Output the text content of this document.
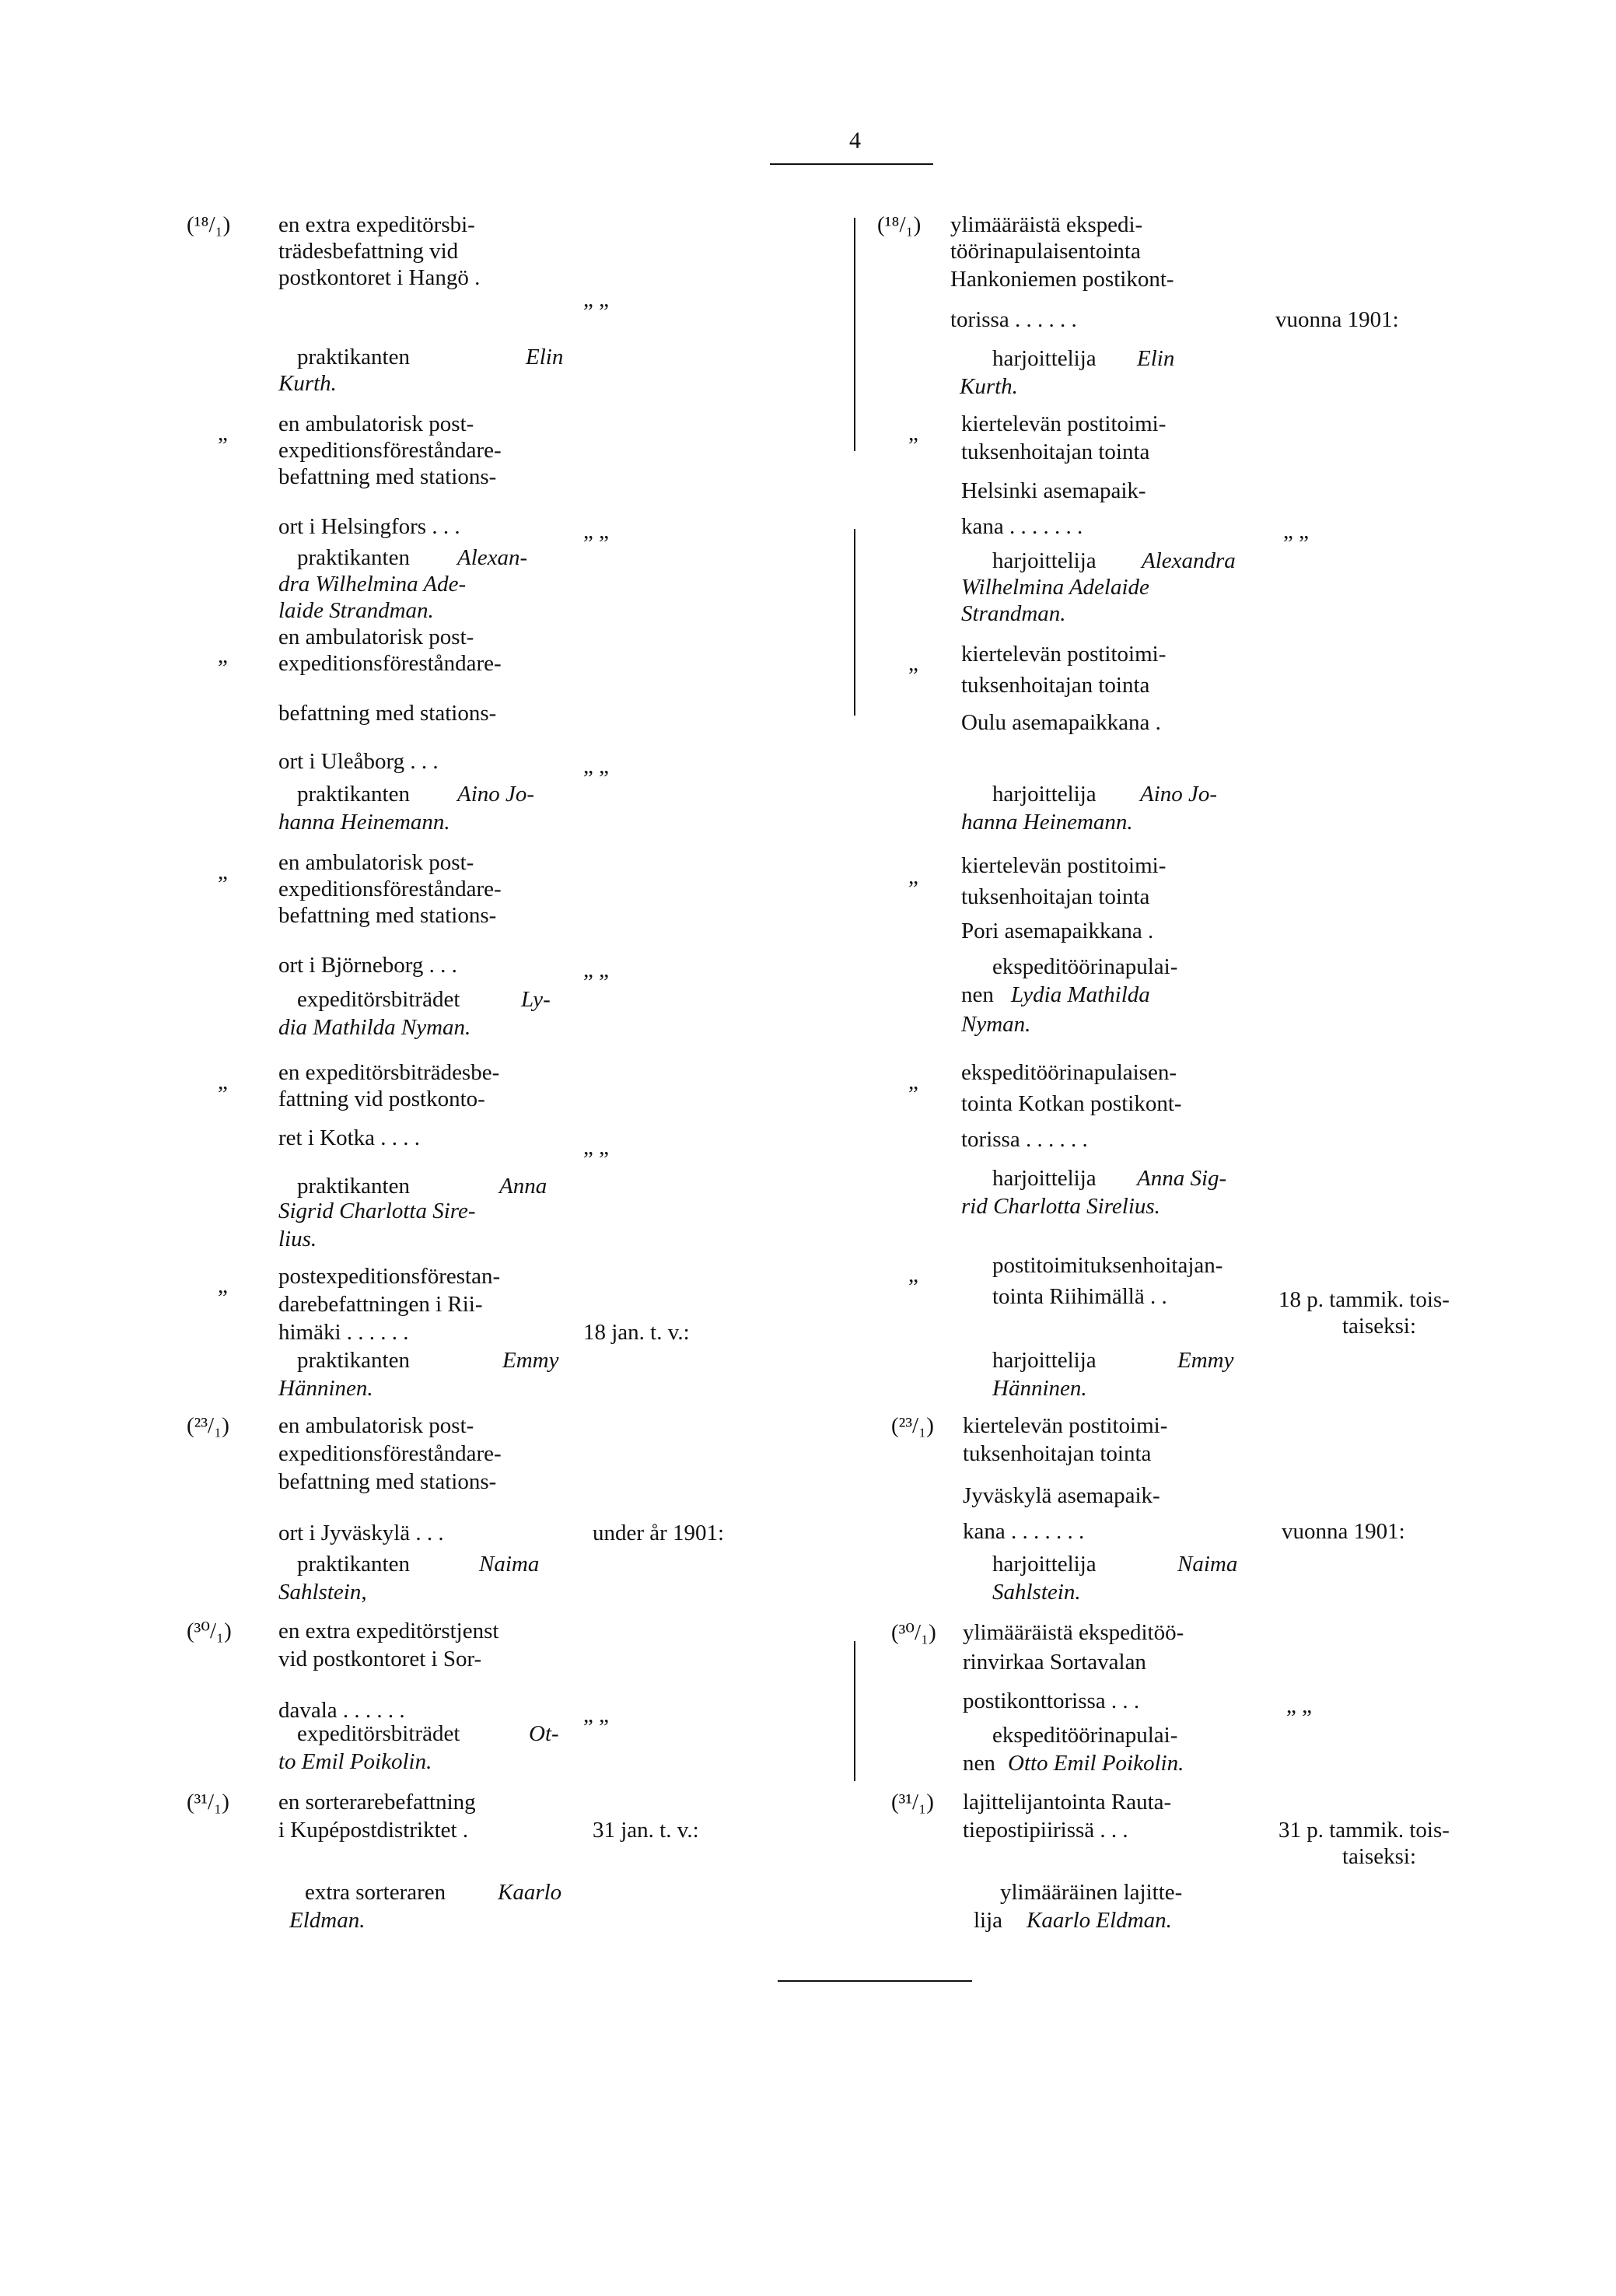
4
(¹⁸/₁) en extra expeditörsbi-
trädesbefattning vid
postkontoret i Hangö .
„ „
praktikanten	Elin
Kurth.
„ en ambulatorisk post-
expeditionsföreståndare-
befattning med stations-
ort i Helsingfors . . .	„ „
praktikanten Alexan-
dra Wilhelmina Ade-
laide Strandman.
„
en ambulatorisk post-
expeditionsföreståndare-
befattning med stations-
ort i Uleåborg . . .	„ „
praktikanten Aino Jo-
hanna Heinemann.
„ en ambulatorisk post-
expeditionsföreståndare-
befattning med stations-
ort i Björneborg . . .	„ „
expeditörsbiträdet	Ly-
dia Mathilda Nyman.
„ en expeditörsbiträdesbe-
fattning vid postkonto-
ret i Kotka . . . .	„ „
praktikanten	Anna
Sigrid Charlotta Sire-
lius.
„ postexpeditionsförestan-
darebefattningen i Rii-
himäki . . . . . .	18 jan. t. v.:
praktikanten	Emmy
Hänninen.
(²³/₁) en ambulatorisk post-
expeditionsföreståndare-
befattning med stations-
ort i Jyväskylä . . .	under år 1901:
praktikanten	Naima
Sahlstein,
(³⁰/₁) en extra expeditörstjenst
vid postkontoret i Sor-
davala . . . . . .	„ „
expeditörsbiträdet	Ot-
to Emil Poikolin.
(³¹/₁) en sorterarebefattning
i Kupépostdistriktet .	31 jan. t. v.:
extra sorteraren Kaarlo
Eldman.
(¹⁸/₁) ylimääräistä ekspedi-
töörinapulaisentointa
Hankoniemen postikont-
torissa . . . . . .	vuonna 1901:
harjoittelija Elin
Kurth.
„ kiertelevän postitoimi-
tuksenhoitajan tointa
Helsinki asemapaik-
kana . . . . . . .	„ „
harjoittelija Alexandra
Wilhelmina Adelaide
Strandman.
„ kiertelevän postitoimi-
tuksenhoitajan tointa
Oulu asemapaikkana .
harjoittelija Aino Jo-
hanna Heinemann.
„ kiertelevän postitoimi-
tuksenhoitajan tointa
Pori asemapaikkana .
ekspeditöörinapulai-
nen Lydia Mathilda
Nyman.
„ ekspeditöörinapulaisen-
tointa Kotkan postikont-
torissa . . . . . .
harjoittelija Anna Sig-
rid Charlotta Sirelius.
„	postitoimituksenhoitajan-
tointa Riihimällä . .	18 p. tammik. tois-
taiseksi:
harjoittelija	Emmy
Hänninen.
(²³/₁) kiertelevän postitoimi-
tuksenhoitajan tointa
Jyväskylä asemapaik-
kana . . . . . . .	vuonna 1901:
harjoittelija	Naima
Sahlstein.
(³⁰/₁) ylimääräistä ekspeditöö-
rinvirkaa Sortavalan
postikonttorissa . . .	„ „
ekspeditöörinapulai-
nen Otto Emil Poikolin.
(³¹/₁) lajittelijantointa Rauta-
tiepostipiirissä . . .	31 p. tammik. tois-
taiseksi:
ylimääräinen lajitte-
lija Kaarlo Eldman.
